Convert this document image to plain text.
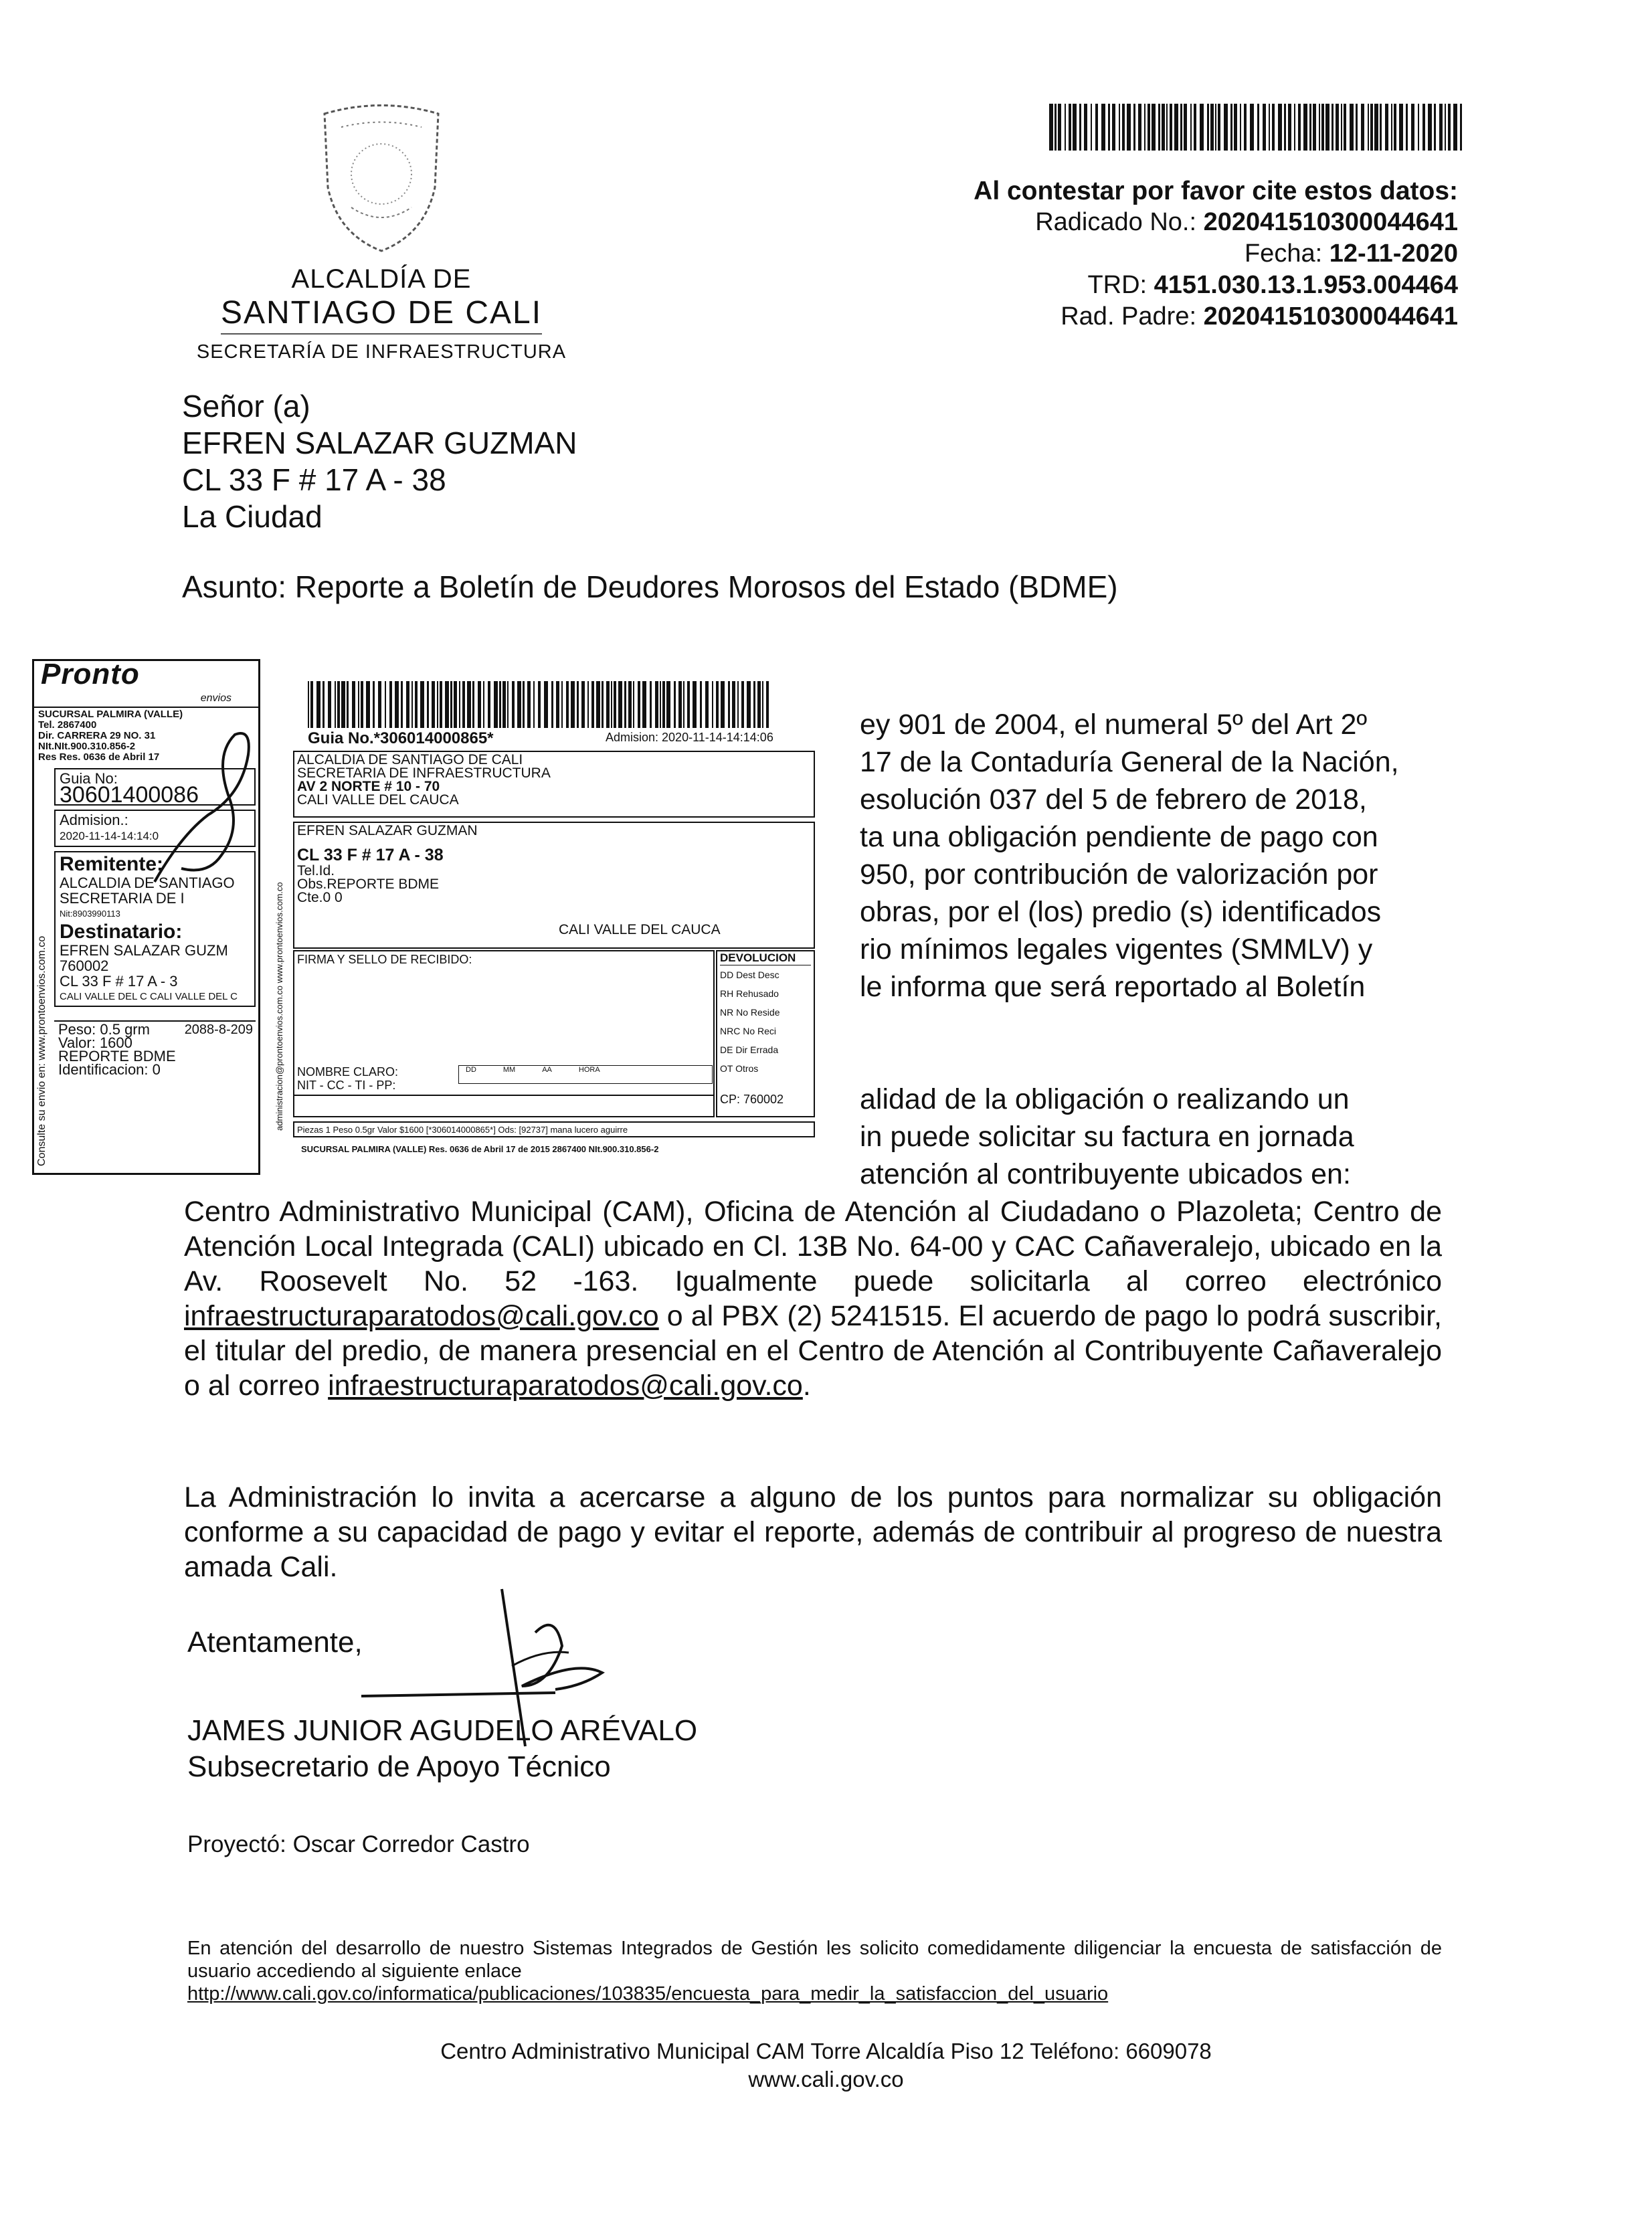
ALCALDÍA DE
SANTIAGO DE CALI
SECRETARÍA DE INFRAESTRUCTURA
Al contestar por favor cite estos datos:
Radicado No.: 202041510300044641
Fecha: 12-11-2020
TRD: 4151.030.13.1.953.004464
Rad. Padre: 202041510300044641
Señor (a)
EFREN SALAZAR GUZMAN
CL 33 F # 17 A - 38
La Ciudad
Asunto: Reporte a Boletín de Deudores Morosos del Estado (BDME)
ey 901 de 2004, el numeral 5º del Art 2º
17 de la Contaduría General de la Nación,
esolución 037 del 5 de febrero de 2018,
ta una obligación pendiente de pago con
950, por contribución de valorización por
obras, por el (los) predio (s) identificados
rio mínimos legales vigentes (SMMLV) y
le informa que será reportado al Boletín
alidad de la obligación o realizando un
in puede solicitar su factura en jornada
atención al contribuyente ubicados en:
Centro Administrativo Municipal (CAM), Oficina de Atención al Ciudadano o Plazoleta; Centro de Atención Local Integrada (CALI) ubicado en Cl. 13B No. 64-00 y CAC Cañaveralejo, ubicado en la Av. Roosevelt No. 52 -163. Igualmente puede solicitarla al correo electrónico infraestructuraparatodos@cali.gov.co o al PBX (2) 5241515. El acuerdo de pago lo podrá suscribir, el titular del predio, de manera presencial en el Centro de Atención al Contribuyente Cañaveralejo o al correo infraestructuraparatodos@cali.gov.co.
La Administración lo invita a acercarse a alguno de los puntos para normalizar su obligación conforme a su capacidad de pago y evitar el reporte, además de contribuir al progreso de nuestra amada Cali.
Atentamente,
JAMES JUNIOR AGUDELO ARÉVALO
Subsecretario de Apoyo Técnico
Proyectó: Oscar Corredor Castro
En atención del desarrollo de nuestro Sistemas Integrados de Gestión les solicito comedidamente diligenciar la encuesta de satisfacción de usuario accediendo al siguiente enlace
http://www.cali.gov.co/informatica/publicaciones/103835/encuesta_para_medir_la_satisfaccion_del_usuario
Centro Administrativo Municipal CAM Torre Alcaldía Piso 12 Teléfono: 6609078
www.cali.gov.co
Pronto
envios
SUCURSAL PALMIRA (VALLE)
Tel. 2867400
Dir. CARRERA 29 NO. 31
NIt.NIt.900.310.856-2
Res Res. 0636 de Abril 17
Guia No:
30601400086
Admision.:
2020-11-14-14:14:0
Remitente:
ALCALDIA DE SANTIAGO
SECRETARIA DE I
Nit:8903990113
Destinatario:
EFREN SALAZAR GUZM
760002
CL 33 F # 17 A - 3
CALI VALLE DEL C CALI VALLE DEL C
Peso: 0.5 grm
Valor: 1600
REPORTE BDME
Identificacion: 0
2088-8-209
Consulte su envio en: www.prontoenvios.com.co
Guia No.*306014000865*	Admision: 2020-11-14-14:14:06
ALCALDIA DE SANTIAGO DE CALI
SECRETARIA DE INFRAESTRUCTURA
AV 2 NORTE # 10 - 70
CALI VALLE DEL CAUCA
EFREN SALAZAR GUZMAN
CL 33 F # 17 A - 38
Tel.Id.
Obs.REPORTE BDME
Cte.0 0
CALI VALLE DEL CAUCA
FIRMA Y SELLO DE RECIBIDO:
NOMBRE CLARO:
NIT - CC - TI - PP:
DD	MM	AA	HORA
DEVOLUCION
DD Dest Desc
RH Rehusado
NR No Reside
NRC No Reci
DE Dir Errada
OT Otros
CP: 760002
Piezas 1 Peso 0.5gr Valor $1600 [*306014000865*] Ods: [92737] mana lucero aguirre
SUCURSAL PALMIRA (VALLE) Res. 0636 de Abril 17 de 2015 2867400 NIt.900.310.856-2
administracion@prontoenvios.com.co www.prontoenvios.com.co
